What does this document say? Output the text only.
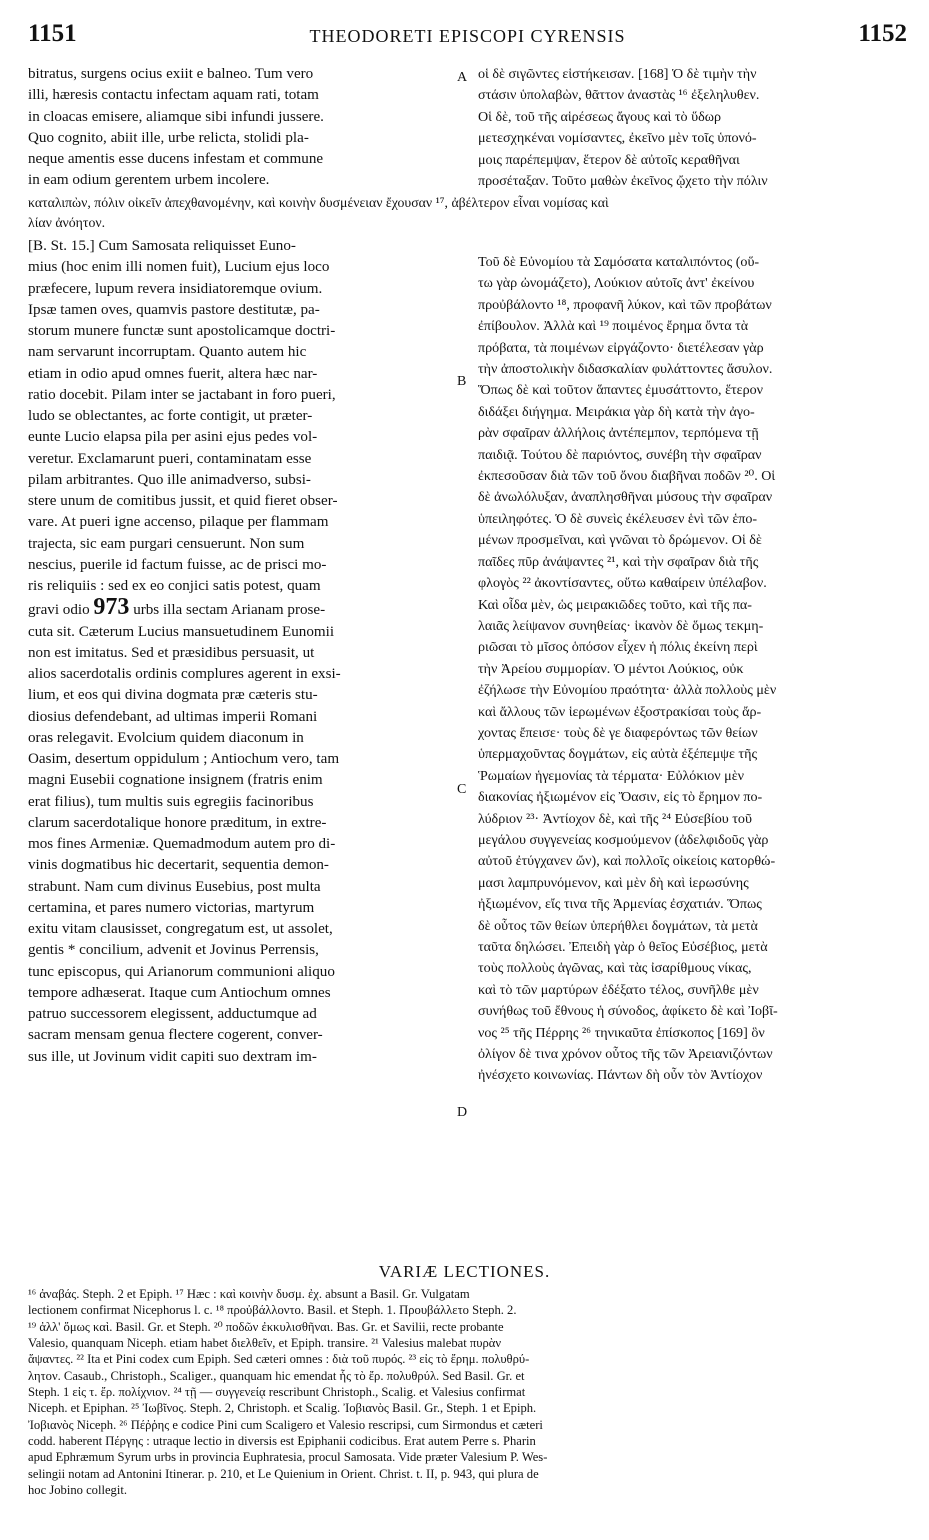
1151	THEODORETI EPISCOPI CYRENSIS	1152
bitratus, surgens ocius exiit e balneo. Tum vero
illi, hæresis contactu infectam aquam rati, totam
in cloacas emisere, aliamque sibi infundi jussere.
Quo cognito, abiit ille, urbe relicta, stolidi pla-
neque amentis esse ducens infestam et commune
in eam odium gerentem urbem incolere.
οἱ δὲ σιγῶντες εἱστήκεισαν. [168] Ὁ δὲ τιμὴν τὴν
στάσιν ὑπολαβὼν, θᾶττον ἀναστὰς ¹⁶ ἐξεληλυθεν.
Οἱ δὲ, τοῦ τῆς αἱρέσεως ἄγους καὶ τὸ ὕδωρ
μετεσχηκέναι νομίσαντες, ἐκεῖνο μὲν τοῖς ὑπονό-
μοις παρέπεμψαν, ἕτερον δὲ αὐτοῖς κεραθῆναι
προσέταξαν. Τοῦτο μαθὼν ἐκεῖνος ᾤχετο τὴν πόλιν
A
καταλιπὼν, πόλιν οἰκεῖν ἀπεχθανομένην, καὶ κοινὴν δυσμένειαν ἔχουσαν ¹⁷, ἀβέλτερον εἶναι νομίσας καὶ
λίαν ἀνόητον.
[B. St. 15.] Cum Samosata reliquisset Euno-
mius (hoc enim illi nomen fuit), Lucium ejus loco
præfecere, lupum revera insidiatoremque ovium.
Ipsæ tamen oves, quamvis pastore destitutæ, pa-
storum munere functæ sunt apostolicamque doctri-
nam servarunt incorruptam. Quanto autem hic
etiam in odio apud omnes fuerit, altera hæc nar-
ratio docebit. Pilam inter se jactabant in foro pueri,
ludo se oblectantes, ac forte contigit, ut præter-
eunte Lucio elapsa pila per asini ejus pedes vol-
veretur. Exclamarunt pueri, contaminatam esse
pilam arbitrantes. Quo ille animadverso, subsi-
stere unum de comitibus jussit, et quid fieret obser-
vare. At pueri igne accenso, pilaque per flammam
trajecta, sic eam purgari censuerunt. Non sum
nescius, puerile id factum fuisse, ac de prisci mo-
ris reliquiis : sed ex eo conjici satis potest, quam
gravi odio 973 urbs illa sectam Arianam prose-
cuta sit. Cæterum Lucius mansuetudinem Eunomii
non est imitatus. Sed et præsidibus persuasit, ut
alios sacerdotalis ordinis complures agerent in exsi-
lium, et eos qui divina dogmata præ cæteris stu-
diosius defendebant, ad ultimas imperii Romani
oras relegavit. Evolcium quidem diaconum in
Oasim, desertum oppidulum ; Antiochum vero, tam
magni Eusebii cognatione insignem (fratris enim
erat filius), tum multis suis egregiis facinoribus
clarum sacerdotalique honore præditum, in extre-
mos fines Armeniæ. Quemadmodum autem pro di-
vinis dogmatibus hic decertarit, sequentia demon-
strabunt. Nam cum divinus Eusebius, post multa
certamina, et pares numero victorias, martyrum
exitu vitam clausisset, congregatum est, ut assolet,
gentis * concilium, advenit et Jovinus Perrensis,
tunc episcopus, qui Arianorum communioni aliquo
tempore adhæserat. Itaque cum Antiochum omnes
patruo successorem elegissent, adductumque ad
sacram mensam genua flectere cogerent, conver-
sus ille, ut Jovinum vidit capiti suo dextram im-
Τοῦ δὲ Εὐνομίου τὰ Σαμόσατα καταλιπόντος (οὕ-
τω γὰρ ὠνομάζετο), Λούκιον αὐτοῖς ἀντ' ἐκείνου
προὐβάλοντο ¹⁸, προφανῆ λύκον, καὶ τῶν προβάτων
ἐπίβουλον. Ἀλλὰ καὶ ¹⁹ ποιμένος ἔρημα ὄντα τὰ
πρόβατα, τὰ ποιμένων εἰργάζοντο· διετέλεσαν γὰρ
τὴν ἀποστολικὴν διδασκαλίαν φυλάττοντες ἄσυλον.
Ὅπως δὲ καὶ τοῦτον ἅπαντες ἐμυσάττοντο, ἕτερον
διδάξει διήγημα. Μειράκια γὰρ δὴ κατὰ τὴν ἀγο-
ρὰν σφαῖραν ἀλλήλοις ἀντέπεμπον, τερπόμενα τῇ
παιδιᾷ. Τούτου δὲ παριόντος, συνέβη τὴν σφαῖραν
ἐκπεσοῦσαν διὰ τῶν τοῦ ὄνου διαβῆναι ποδῶν ²⁰. Οἱ
δὲ ἀνωλόλυξαν, ἀναπλησθῆναι μύσους τὴν σφαῖραν
ὑπειληφότες. Ὁ δὲ συνεὶς ἐκέλευσεν ἑνὶ τῶν ἑπο-
μένων προσμεῖναι, καὶ γνῶναι τὸ δρώμενον. Οἱ δὲ
παῖδες πῦρ ἀνάψαντες ²¹, καὶ τὴν σφαῖραν διὰ τῆς
φλογὸς ²² ἀκοντίσαντες, οὕτω καθαίρειν ὑπέλαβον.
Καὶ οἶδα μὲν, ὡς μειρακιῶδες τοῦτο, καὶ τῆς πα-
λαιᾶς λείψανον συνηθείας· ἱκανὸν δὲ ὅμως τεκμη-
ριῶσαι τὸ μῖσος ὁπόσον εἶχεν ἡ πόλις ἐκείνη περὶ
τὴν Ἀρείου συμμορίαν. Ὁ μέντοι Λούκιος, οὐκ
ἐζήλωσε τὴν Εὐνομίου πραότητα· ἀλλὰ πολλοὺς μὲν
καὶ ἄλλους τῶν ἱερωμένων ἐξοστρακίσαι τοὺς ἄρ-
χοντας ἔπεισε· τοὺς δὲ γε διαφερόντως τῶν θείων
ὑπερμαχοῦντας δογμάτων, εἰς αὐτὰ ἐξέπεμψε τῆς
Ῥωμαίων ἡγεμονίας τὰ τέρματα· Εὐλόκιον μὲν
διακονίας ἠξιωμένον εἰς Ὄασιν, εἰς τὸ ἔρημον πο-
λύδριον ²³· Ἀντίοχον δὲ, καὶ τῆς ²⁴ Εὐσεβίου τοῦ
μεγάλου συγγενείας κοσμούμενον (ἀδελφιδοῦς γὰρ
αὐτοῦ ἐτύγχανεν ὤν), καὶ πολλοῖς οἰκείοις κατορθώ-
μασι λαμπρυνόμενον, καὶ μὲν δὴ καὶ ἱερωσύνης
ἠξιωμένον, εἴς τινα τῆς Ἀρμενίας ἐσχατιάν. Ὅπως
δὲ οὗτος τῶν θείων ὑπερήθλει δογμάτων, τὰ μετὰ
ταῦτα δηλώσει. Ἐπειδὴ γὰρ ὁ θεῖος Εὐσέβιος, μετὰ
τοὺς πολλοὺς ἀγῶνας, καὶ τὰς ἰσαρίθμους νίκας,
καὶ τὸ τῶν μαρτύρων ἐδέξατο τέλος, συνῆλθε μὲν
συνήθως τοῦ ἔθνους ἡ σύνοδος, ἀφίκετο δὲ καὶ Ἰοβῖ-
νος ²⁵ τῆς Πέρρης ²⁶ τηνικαῦτα ἐπίσκοπος [169] ὃν
ὀλίγον δὲ τινα χρόνον οὗτος τῆς τῶν Ἀρειανιζόντων
ἠνέσχετο κοινωνίας. Πάντων δὴ οὖν τὸν Ἀντίοχον
B
C
D
VARIÆ LECTIONES.
¹⁶ ἀναβάς. Steph. 2 et Epiph. ¹⁷ Hæc : καὶ κοινὴν δυσμ. ἐχ. absunt a Basil. Gr. Vulgatam
lectionem confirmat Nicephorus l. c. ¹⁸ προὐβάλλοντο. Basil. et Steph. 1. Προυβάλλετο Steph. 2.
¹⁹ ἀλλ' ὅμως καὶ. Basil. Gr. et Steph. ²⁰ ποδῶν ἐκκυλισθῆναι. Bas. Gr. et Savilii, recte probante
Valesio, quanquam Niceph. etiam habet διελθεῖν, et Epiph. transire. ²¹ Valesius malebat πυρὰν
ἅψαντες. ²² Ita et Pini codex cum Epiph. Sed cæteri omnes : διὰ τοῦ πυρός. ²³ εἰς τὸ ἔρημ. πολυθρύ-
λητον. Casaub., Christoph., Scaliger., quanquam hic emendat ἧς τὸ ἔρ. πολυθρύλ. Sed Basil. Gr. et
Steph. 1 εἰς τ. ἔρ. πολίχνιον. ²⁴ τῇ — συγγενείᾳ rescribunt Christoph., Scalig. et Valesius confirmat
Niceph. et Epiphan. ²⁵ Ἰωβῖνος. Steph. 2, Christoph. et Scalig. Ἰοβιανὸς Basil. Gr., Steph. 1 et Epiph.
Ἰοβιανὸς Niceph. ²⁶ Πέῤῥης e codice Pini cum Scaligero et Valesio rescripsi, cum Sirmondus et cæteri
codd. haberent Πέργης : utraque lectio in diversis est Epiphanii codicibus. Erat autem Perre s. Pharin
apud Ephræmum Syrum urbs in provincia Euphratesia, procul Samosata. Vide præter Valesium P. Wes-
selingii notam ad Antonini Itinerar. p. 210, et Le Quienium in Orient. Christ. t. II, p. 943, qui plura de
hoc Jobino collegit.
